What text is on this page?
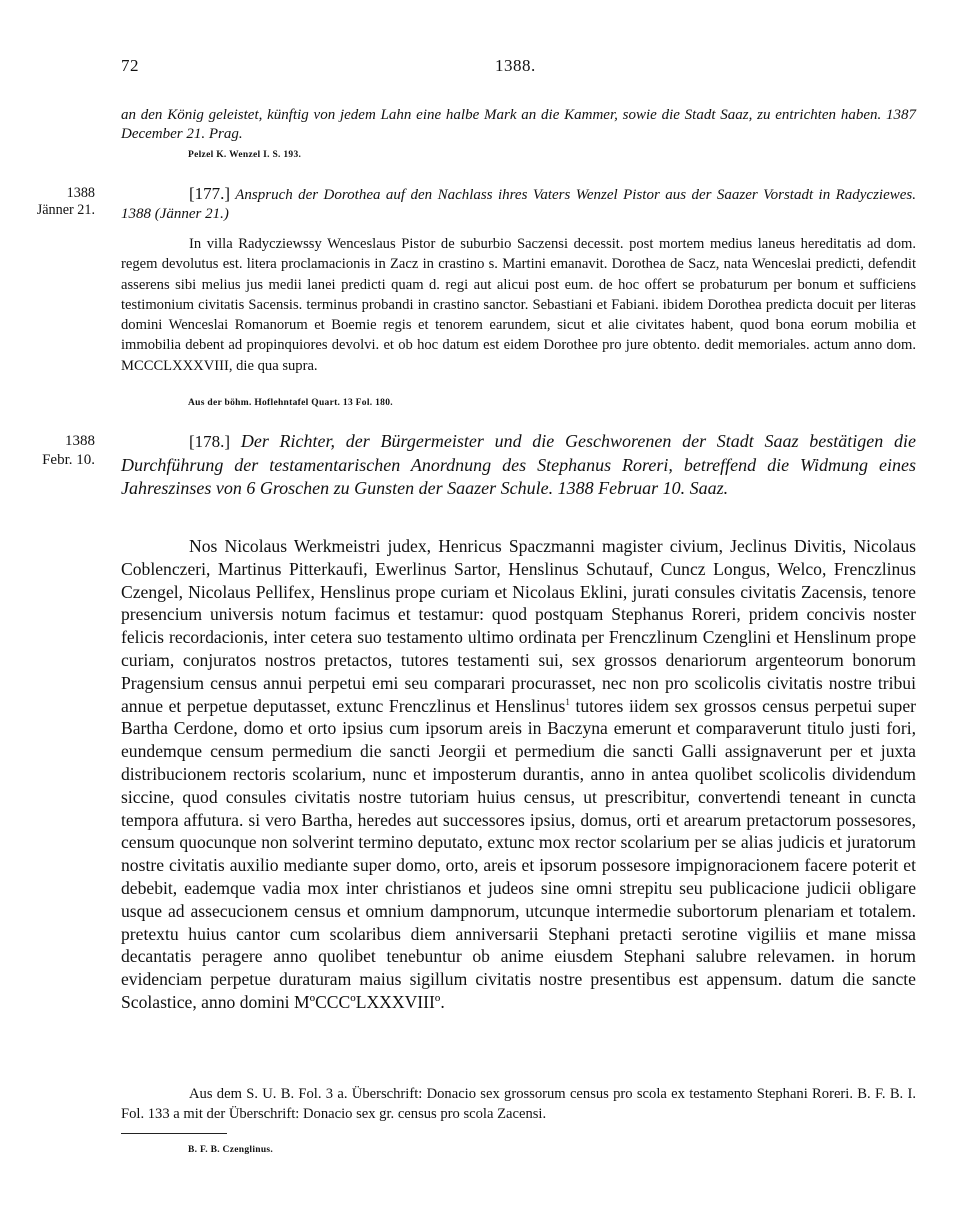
72	1388.
an den König geleistet, künftig von jedem Lahn eine halbe Mark an die Kammer, sowie die Stadt Saaz, zu entrichten haben. 1387 December 21. Prag.
Pelzel K. Wenzel I. S. 193.
1388
Jänner 21.
[177.] Anspruch der Dorothea auf den Nachlass ihres Vaters Wenzel Pistor aus der Saazer Vorstadt in Radycziewes. 1388 (Jänner 21.)
In villa Radycziewssy Wenceslaus Pistor de suburbio Saczensi decessit. post mortem medius laneus hereditatis ad dom. regem devolutus est. litera proclamacionis in Zacz in crastino s. Martini emanavit. Dorothea de Sacz, nata Wenceslai predicti, defendit asserens sibi melius jus medii lanei predicti quam d. regi aut alicui post eum. de hoc offert se probaturum per bonum et sufficiens testimonium civitatis Sacensis. terminus probandi in crastino sanctor. Sebastiani et Fabiani. ibidem Dorothea predicta docuit per literas domini Wenceslai Romanorum et Boemie regis et tenorem earundem, sicut et alie civitates habent, quod bona eorum mobilia et immobilia debent ad propinquiores devolvi. et ob hoc datum est eidem Dorothee pro jure obtento. dedit memoriales. actum anno dom. MCCCLXXXVIII, die qua supra.
Aus der böhm. Hoflehntafel Quart. 13 Fol. 180.
1388
Febr. 10.
[178.] Der Richter, der Bürgermeister und die Geschworenen der Stadt Saaz bestätigen die Durchführung der testamentarischen Anordnung des Stephanus Roreri, betreffend die Widmung eines Jahreszinses von 6 Groschen zu Gunsten der Saazer Schule. 1388 Februar 10. Saaz.
Nos Nicolaus Werkmeistri judex, Henricus Spaczmanni magister civium, Jeclinus Divitis, Nicolaus Coblenczeri, Martinus Pitterkaufi, Ewerlinus Sartor, Henslinus Schutauf, Cuncz Longus, Welco, Frenczlinus Czengel, Nicolaus Pellifex, Henslinus prope curiam et Nicolaus Eklini, jurati consules civitatis Zacensis, tenore presencium universis notum facimus et testamur: quod postquam Stephanus Roreri, pridem concivis noster felicis recordacionis, inter cetera suo testamento ultimo ordinata per Frenczlinum Czenglini et Henslinum prope curiam, conjuratos nostros pretactos, tutores testamenti sui, sex grossos denariorum argenteorum bonorum Pragensium census annui perpetui emi seu comparari procurasset, nec non pro scolicolis civitatis nostre tribui annue et perpetue deputasset, extunc Frenczlinus et Henslinus$^1$ tutores iidem sex grossos census perpetui super Bartha Cerdone, domo et orto ipsius cum ipsorum areis in Baczyna emerunt et comparaverunt titulo justi fori, eundemque censum permedium die sancti Jeorgii et permedium die sancti Galli assignaverunt per et juxta distribucionem rectoris scolarium, nunc et imposterum durantis, anno in antea quolibet scolicolis dividendum siccine, quod consules civitatis nostre tutoriam huius census, ut prescribitur, convertendi teneant in cuncta tempora affutura. si vero Bartha, heredes aut successores ipsius, domus, orti et arearum pretactorum possesores, censum quocunque non solverint termino deputato, extunc mox rector scolarium per se alias judicis et juratorum nostre civitatis auxilio mediante super domo, orto, areis et ipsorum possesore impignoracionem facere poterit et debebit, eademque vadia mox inter christianos et judeos sine omni strepitu seu publicacione judicii obligare usque ad assecucionem census et omnium dampnorum, utcunque intermedie subortorum plenariam et totalem. pretextu huius cantor cum scolaribus diem anniversarii Stephani pretacti serotine vigiliis et mane missa decantatis peragere anno quolibet tenebuntur ob anime eiusdem Stephani salubre relevamen. in horum evidenciam perpetue duraturam maius sigillum civitatis nostre presentibus est appensum. datum die sancte Scolastice, anno domini MºCCCºLXXXVIIIº.
Aus dem S. U. B. Fol. 3 a. Überschrift: Donacio sex grossorum census pro scola ex testamento Stephani Roreri. B. F. B. I. Fol. 133 a mit der Überschrift: Donacio sex gr. census pro scola Zacensi.
B. F. B. Czenglinus.
